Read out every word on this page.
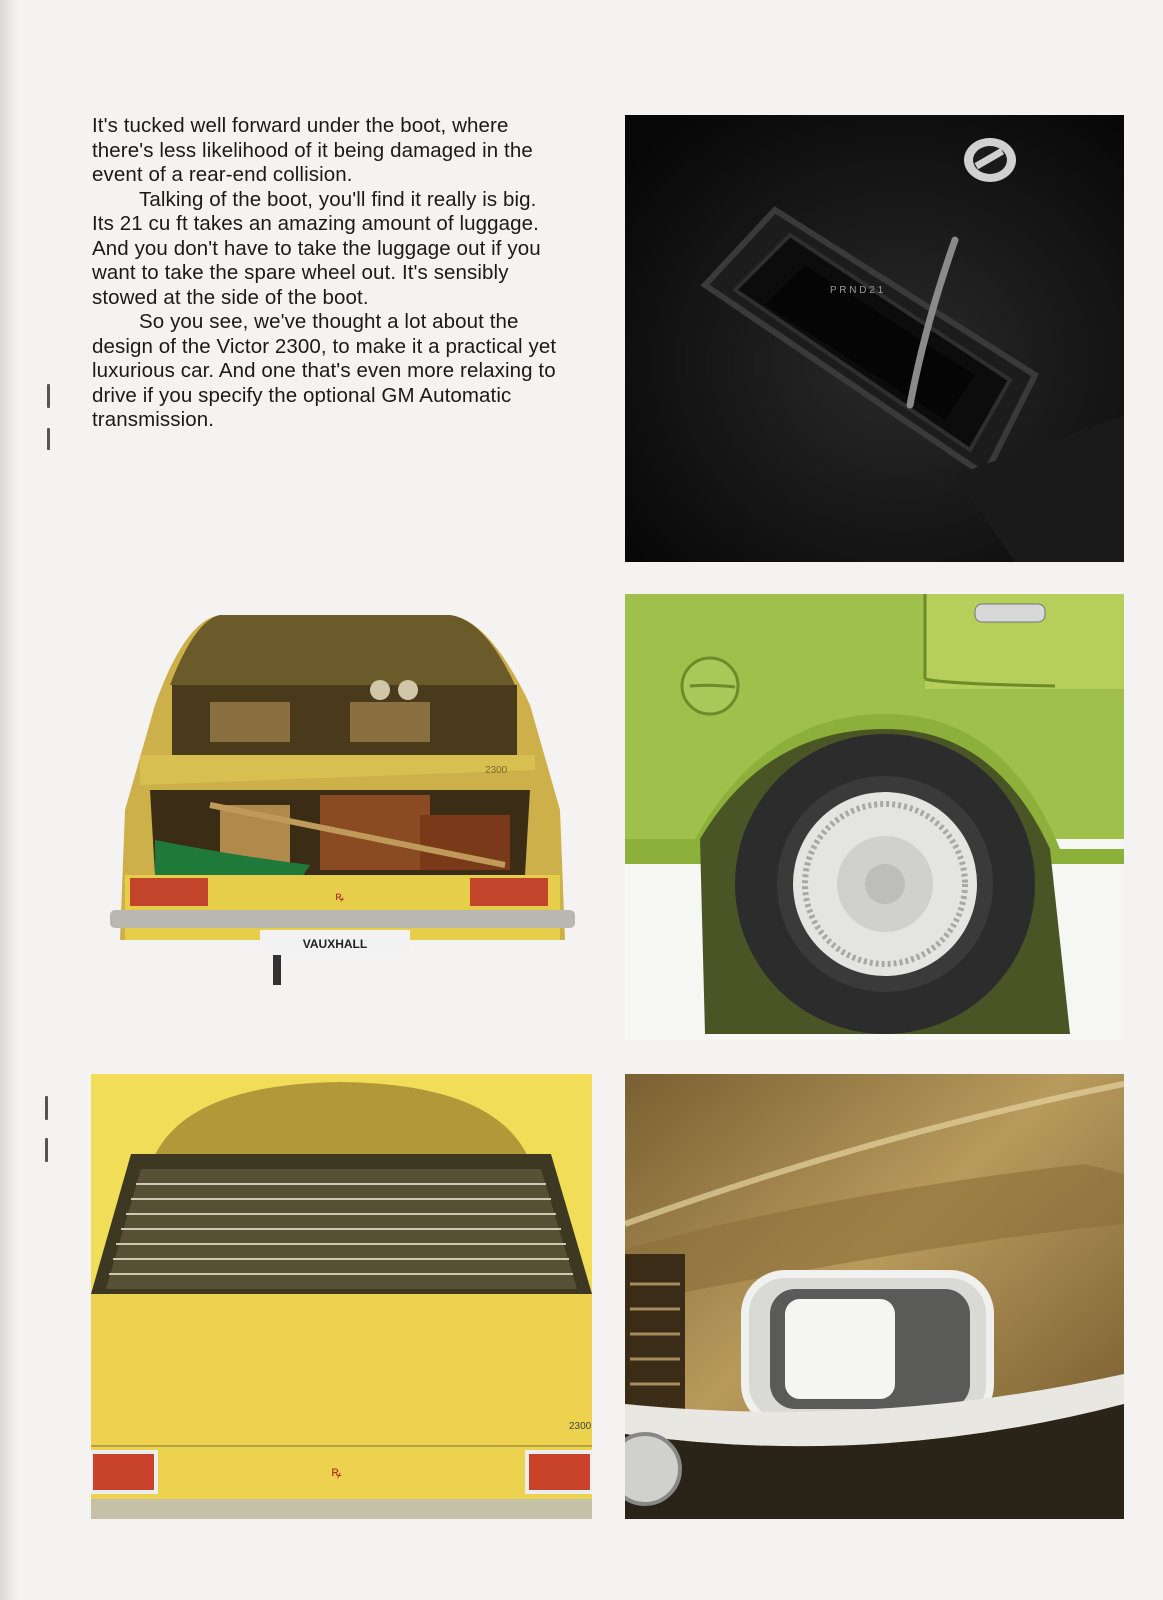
It's tucked well forward under the boot, where there's less likelihood of it being damaged in the event of a rear-end collision.

Talking of the boot, you'll find it really is big. Its 21 cu ft takes an amazing amount of luggage. And you don't have to take the luggage out if you want to take the spare wheel out. It's sensibly stowed at the side of the boot.

So you see, we've thought a lot about the design of the Victor 2300, to make it a practical yet luxurious car. And one that's even more relaxing to drive if you specify the optional GM Automatic transmission.

P R N D 2 1
ꝶ
2300
VAUXHALL
ꝶ
2300
